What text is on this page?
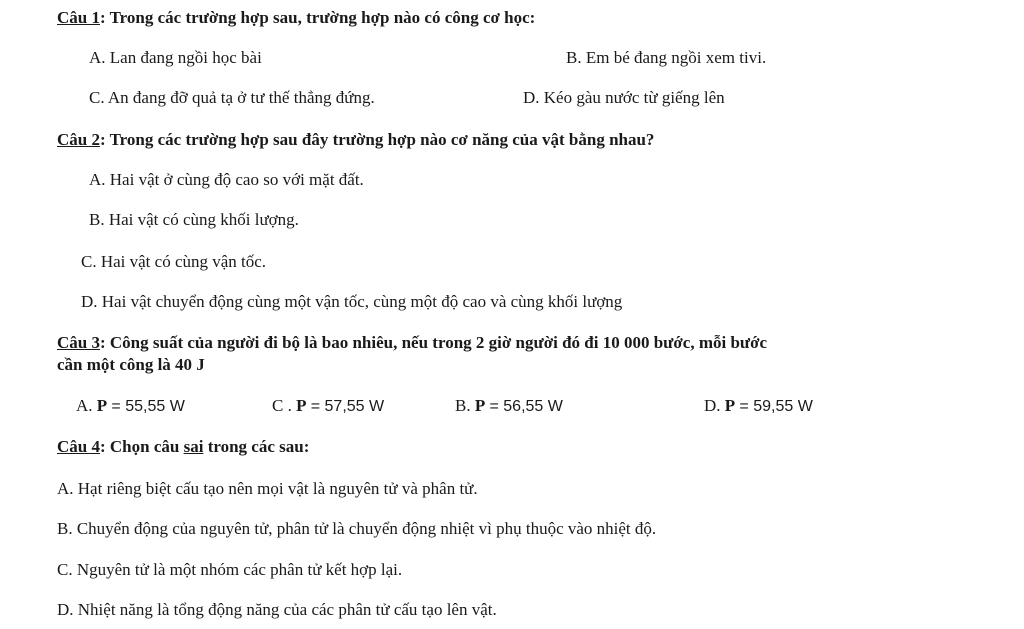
Câu 1: Trong các trường hợp sau, trường hợp nào có công cơ học:
A. Lan đang ngồi học bài	B. Em bé đang ngồi xem tivi.
C. An đang đỡ quả tạ ở tư thế thẳng đứng.	D. Kéo gàu nước từ giếng lên
Câu 2: Trong các trường hợp sau đây trường hợp nào cơ năng của vật bằng nhau?
A. Hai vật ở cùng độ cao so với mặt đất.
B. Hai vật có cùng khối lượng.
C. Hai vật có cùng vận tốc.
D. Hai vật chuyển động cùng một vận tốc, cùng một độ cao và cùng khối lượng
Câu 3: Công suất của người đi bộ là bao nhiêu, nếu trong 2 giờ người đó đi 10 000 bước, mỗi bước
cần một công là 40 J
A. P = 55,55 W	C . P = 57,55 W	B. P = 56,55 W	D. P = 59,55 W
Câu 4: Chọn câu sai trong các sau:
A. Hạt riêng biệt cấu tạo nên mọi vật là nguyên tử và phân tử.
B. Chuyển động của nguyên tử, phân tử là chuyển động nhiệt vì phụ thuộc vào nhiệt độ.
C. Nguyên tử là một nhóm các phân tử kết hợp lại.
D. Nhiệt năng là tổng động năng của các phân tử cấu tạo lên vật.
